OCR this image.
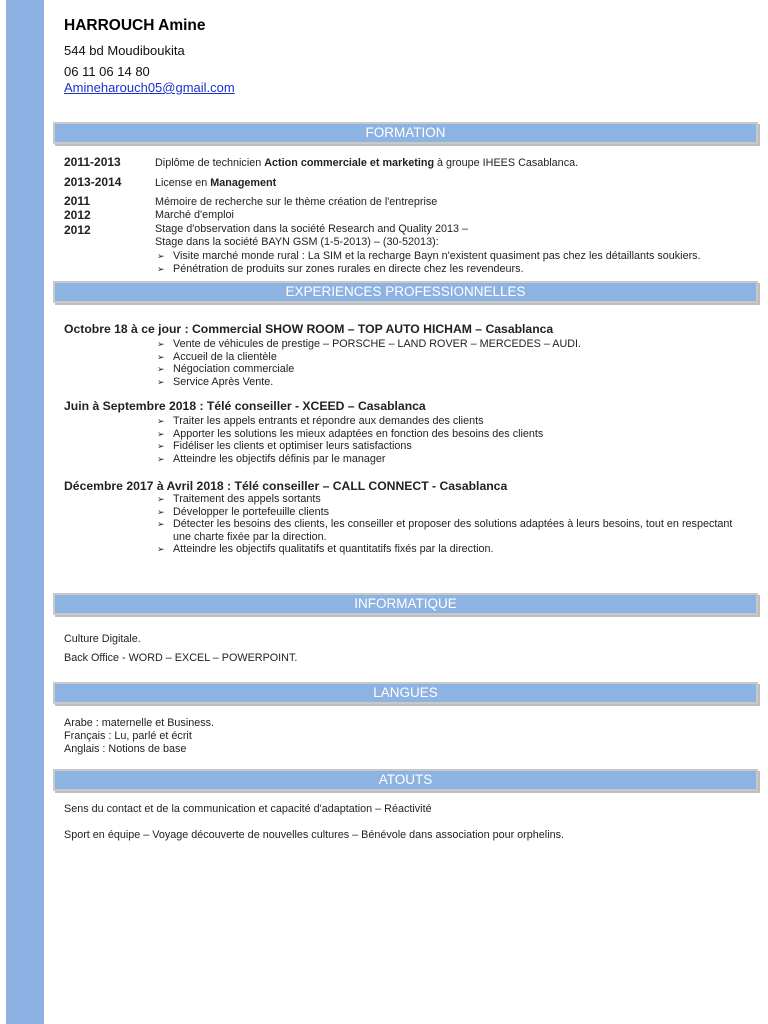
HARROUCH Amine
544 bd Moudiboukita
06 11 06 14 80
Amineharouch05@gmail.com
FORMATION
2011-2013	Diplôme de technicien Action commerciale et marketing à groupe IHEES Casablanca.
2013-2014	License en Management
2011
2012
2012
Mémoire de recherche sur le thème création de l'entreprise
Marché d'emploi
Stage d'observation dans la société Research and Quality 2013 –
Stage dans la société BAYN GSM (1-5-2013) – (30-52013):
➢ Visite marché monde rural : La SIM et la recharge Bayn n'existent quasiment pas chez les détaillants soukiers.
➢ Pénétration de produits sur zones rurales en directe chez les revendeurs.
EXPERIENCES PROFESSIONNELLES
Octobre 18 à ce jour : Commercial SHOW ROOM – TOP AUTO HICHAM – Casablanca
➢ Vente de véhicules de prestige – PORSCHE – LAND ROVER – MERCEDES – AUDI.
➢ Accueil de la clientèle
➢ Négociation commerciale
➢ Service Après Vente.
Juin à Septembre 2018 : Télé conseiller - XCEED – Casablanca
➢ Traiter les appels entrants et répondre aux demandes des clients
➢ Apporter les solutions les mieux adaptées en fonction des besoins des clients
➢ Fidéliser les clients et optimiser leurs satisfactions
➢ Atteindre les objectifs définis par le manager
Décembre 2017 à Avril 2018 : Télé conseiller – CALL CONNECT - Casablanca
➢ Traitement des appels sortants
➢ Développer le portefeuille clients
➢ Détecter les besoins des clients, les conseiller et proposer des solutions adaptées à leurs besoins, tout en respectant une charte fixée par la direction.
➢ Atteindre les objectifs qualitatifs et quantitatifs fixés par la direction.
INFORMATIQUE
Culture Digitale.
Back Office - WORD – EXCEL – POWERPOINT.
LANGUES
Arabe : maternelle et Business.
Français : Lu, parlé et écrit
Anglais : Notions de base
ATOUTS
Sens du contact et de la communication et capacité d'adaptation – Réactivité
Sport en équipe – Voyage découverte de nouvelles cultures – Bénévole dans association pour orphelins.
